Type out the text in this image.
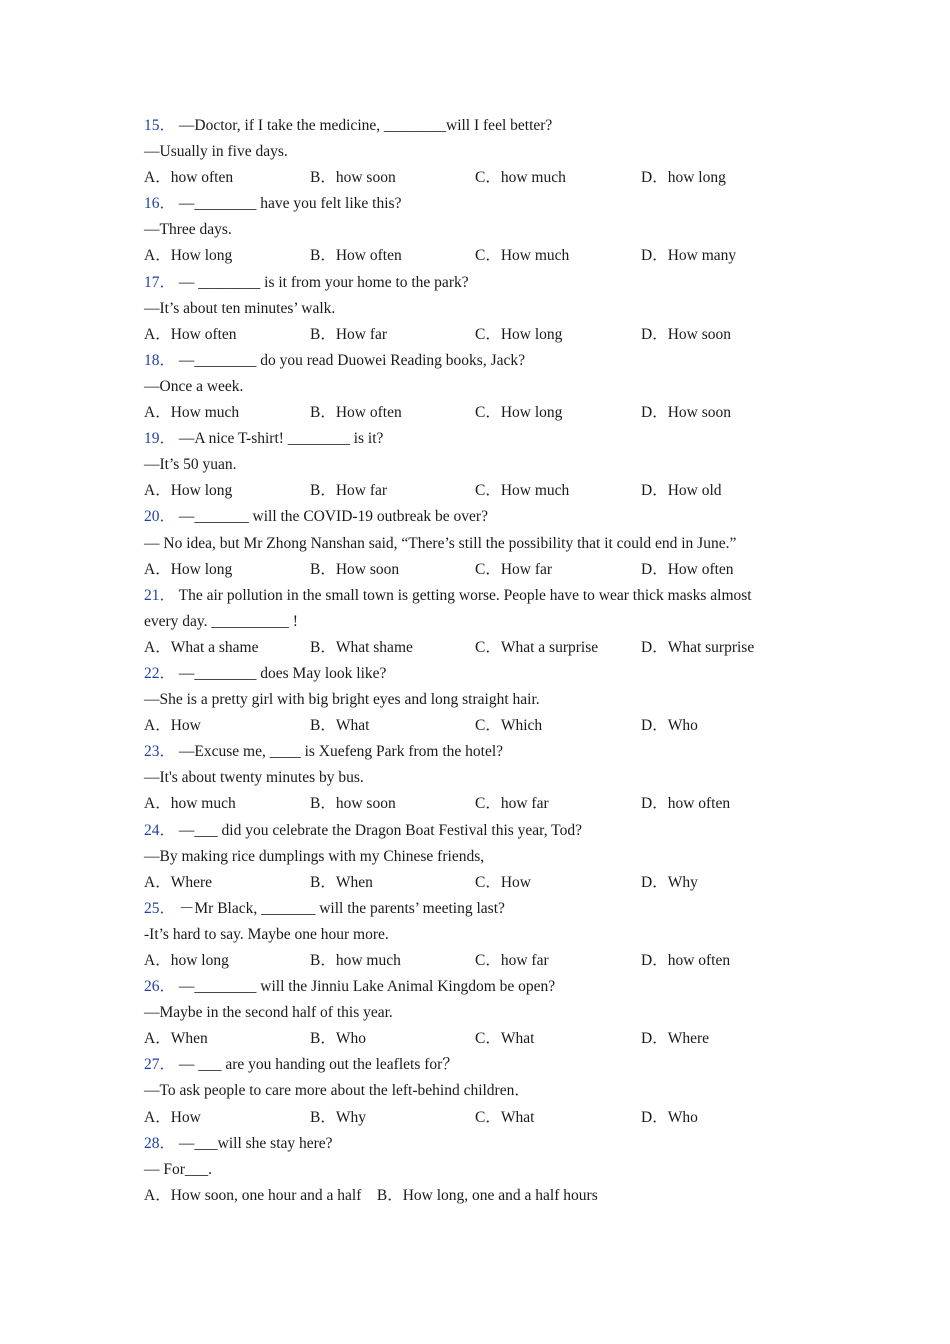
15． —Doctor, if I take the medicine, ________will I feel better?
—Usually in five days.
A．how often	B．how soon	C．how much	D．how long
16． —________ have you felt like this?
—Three days.
A．How long	B．How often	C．How much	D．How many
17． — ________ is it from your home to the park?
—It’s about ten minutes’ walk.
A．How often	B．How far	C．How long	D．How soon
18． —________ do you read Duowei Reading books, Jack?
—Once a week.
A．How much	B．How often	C．How long	D．How soon
19． —A nice T-shirt! ________ is it?
—It’s 50 yuan.
A．How long	B．How far	C．How much	D．How old
20． —_______ will the COVID-19 outbreak be over?
— No idea, but Mr Zhong Nanshan said, “There’s still the possibility that it could end in June.”
A．How long	B．How soon	C．How far	D．How often
21． The air pollution in the small town is getting worse. People have to wear thick masks almost
every day. __________ !
A．What a shame	B．What shame	C．What a surprise	D．What surprise
22． —________ does May look like?
—She is a pretty girl with big bright eyes and long straight hair.
A．How	B．What	C．Which	D．Who
23． —Excuse me, ____ is Xuefeng Park from the hotel?
—It's about twenty minutes by bus.
A．how much	B．how soon	C．how far	D．how often
24． —___ did you celebrate the Dragon Boat Festival this year, Tod?
—By making rice dumplings with my Chinese friends,
A．Where	B．When	C．How	D．Why
25． －Mr Black, _______ will the parents’ meeting last?
-It’s hard to say. Maybe one hour more.
A．how long	B．how much	C．how far	D．how often
26． —________ will the Jinniu Lake Animal Kingdom be open?
—Maybe in the second half of this year.
A．When	B．Who	C．What	D．Where
27． — ___ are you handing out the leaflets for？
—To ask people to care more about the left-behind children．
A．How	B．Why	C．What	D．Who
28． —___will she stay here?
— For___.
A．How soon, one hour and a half    B．How long, one and a half hours
